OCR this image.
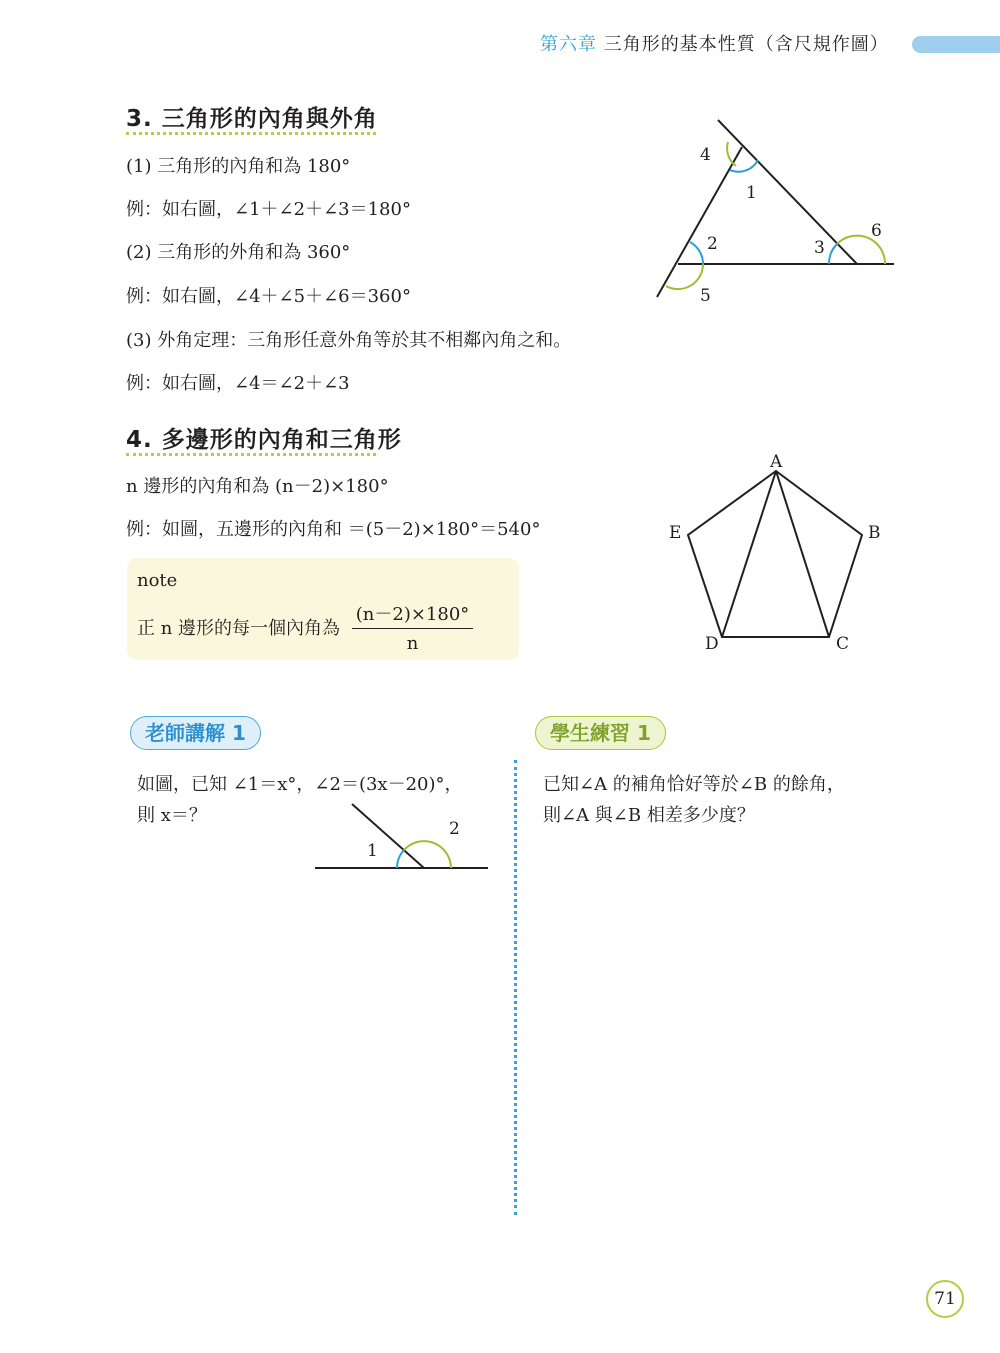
第六章 三角形的基本性質（含尺規作圖）
3. 三角形的內角與外角
(1) 三角形的內角和為 180°
例：如右圖，∠1＋∠2＋∠3＝180°
(2) 三角形的外角和為 360°
例：如右圖，∠4＋∠5＋∠6＝360°
(3) 外角定理：三角形任意外角等於其不相鄰內角之和。
例：如右圖，∠4＝∠2＋∠3
4
1
2	3
6
5
4. 多邊形的內角和三角形
n 邊形的內角和為 (n－2)×180°
例：如圖，五邊形的內角和 ＝(5－2)×180°＝540°
note
正 n 邊形的每一個內角為 $\frac{(n-2)\times 180^\circ}{n}$
A
B
C
D
E
老師講解 1
如圖，已知 ∠1＝x°，∠2＝(3x－20)°，
則 x＝？
1
2
學生練習 1
已知∠A 的補角恰好等於∠B 的餘角，
則∠A 與∠B 相差多少度？
71
